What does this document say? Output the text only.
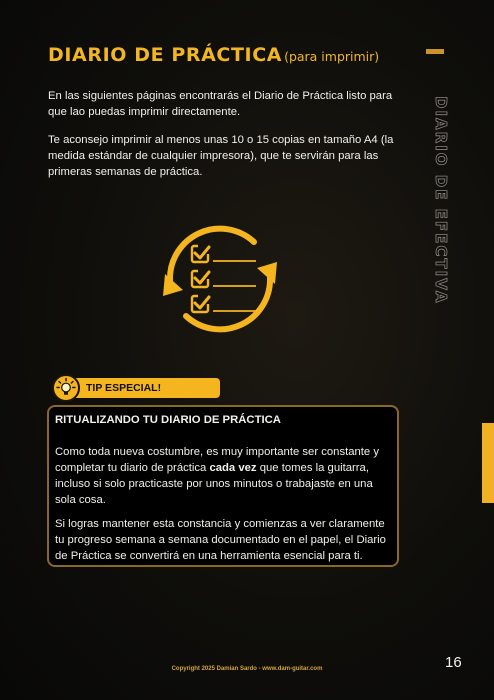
DIARIO DE PRÁCTICA (para imprimir)
DIARIO DE EFECTIVA

En las siguientes páginas encontrarás el Diario de Práctica listo para que lao puedas imprimir directamente.

Te aconsejo imprimir al menos unas 10 o 15 copias en tamaño A4 (la medida estándar de cualquier impresora), que te servirán para las primeras semanas de práctica.

TIP ESPECIAL!

RITUALIZANDO TU DIARIO DE PRÁCTICA

Como toda nueva costumbre, es muy importante ser constante y completar tu diario de práctica cada vez que tomes la guitarra, incluso si solo practicaste por unos minutos o trabajaste en una sola cosa.

Si logras mantener esta constancia y comienzas a ver claramente tu progreso semana a semana documentado en el papel, el Diario de Práctica se convertirá en una herramienta esencial para ti.

Copyright 2025 Damian Sardo - www.dam-guitar.com	16
